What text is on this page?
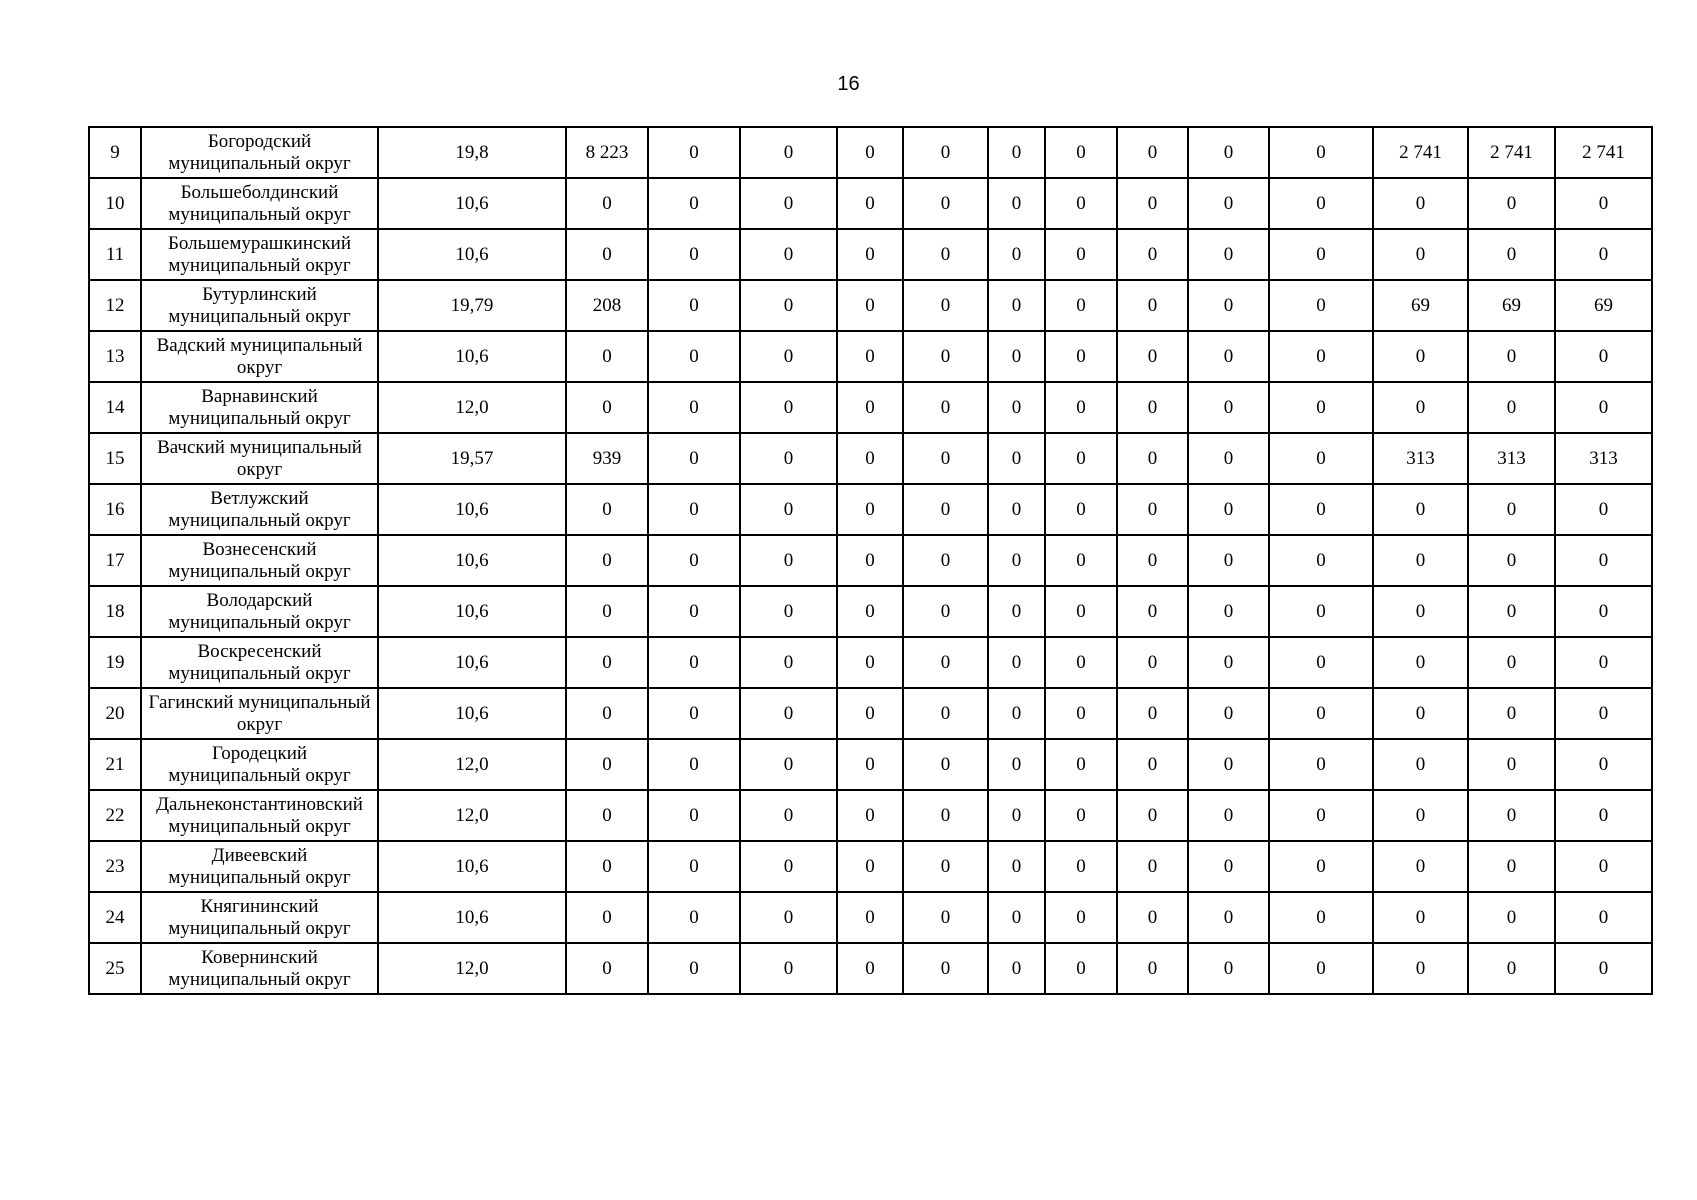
16
9	Богородский муниципальный округ	19,8	8 223	0	0	0	0	0	0	0	0	0	2 741	2 741	2 741
10	Большеболдинский муниципальный округ	10,6	0	0	0	0	0	0	0	0	0	0	0	0	0
11	Большемурашкинский муниципальный округ	10,6	0	0	0	0	0	0	0	0	0	0	0	0	0
12	Бутурлинский муниципальный округ	19,79	208	0	0	0	0	0	0	0	0	0	69	69	69
13	Вадский муниципальный округ	10,6	0	0	0	0	0	0	0	0	0	0	0	0	0
14	Варнавинский муниципальный округ	12,0	0	0	0	0	0	0	0	0	0	0	0	0	0
15	Вачский муниципальный округ	19,57	939	0	0	0	0	0	0	0	0	0	313	313	313
16	Ветлужский муниципальный округ	10,6	0	0	0	0	0	0	0	0	0	0	0	0	0
17	Вознесенский муниципальный округ	10,6	0	0	0	0	0	0	0	0	0	0	0	0	0
18	Володарский муниципальный округ	10,6	0	0	0	0	0	0	0	0	0	0	0	0	0
19	Воскресенский муниципальный округ	10,6	0	0	0	0	0	0	0	0	0	0	0	0	0
20	Гагинский муниципальный округ	10,6	0	0	0	0	0	0	0	0	0	0	0	0	0
21	Городецкий муниципальный округ	12,0	0	0	0	0	0	0	0	0	0	0	0	0	0
22	Дальнеконстантиновский муниципальный округ	12,0	0	0	0	0	0	0	0	0	0	0	0	0	0
23	Дивеевский муниципальный округ	10,6	0	0	0	0	0	0	0	0	0	0	0	0	0
24	Княгининский муниципальный округ	10,6	0	0	0	0	0	0	0	0	0	0	0	0	0
25	Ковернинский муниципальный округ	12,0	0	0	0	0	0	0	0	0	0	0	0	0	0
